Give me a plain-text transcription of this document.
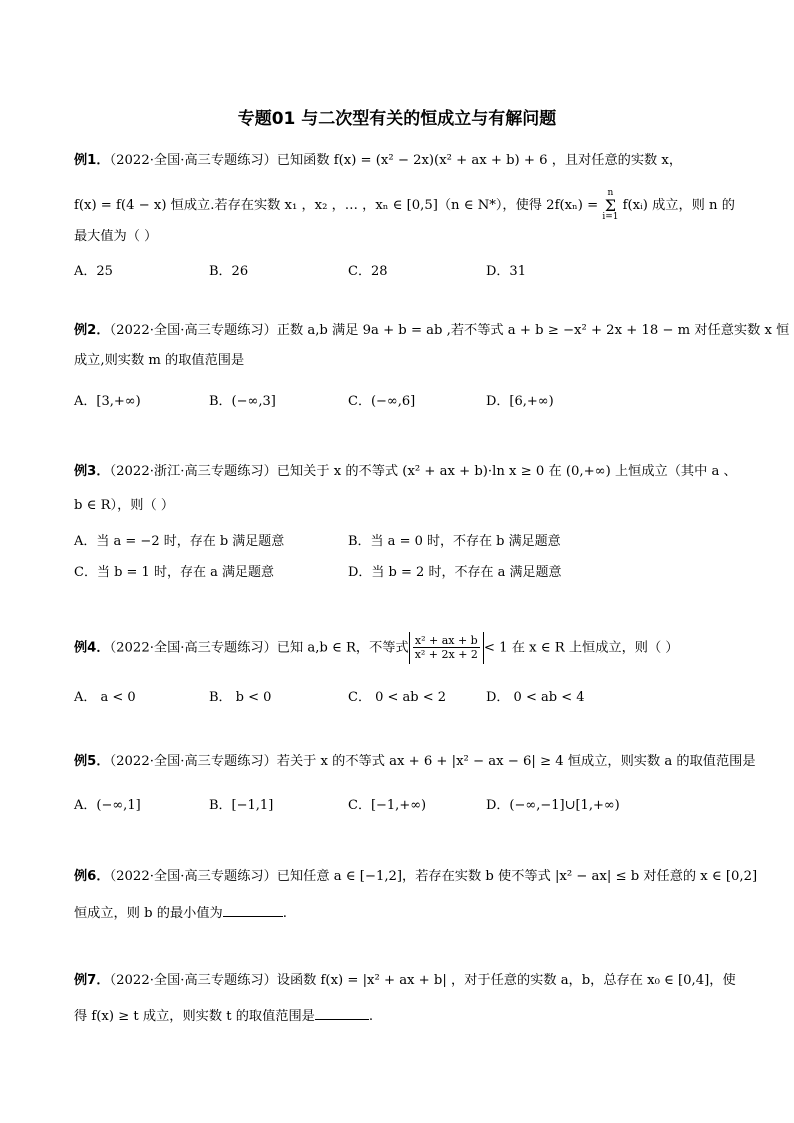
专题01 与二次型有关的恒成立与有解问题
例1．（2022·全国·高三专题练习）已知函数 f(x) = (x² − 2x)(x² + ax + b) + 6 ，且对任意的实数 x，
f(x) = f(4 − x) 恒成立.若存在实数 x₁ ，x₂ ，… ，xₙ ∈ [0,5]（n ∈ N*），使得 2f(xₙ) = n
Σ
i=1 f(xᵢ) 成立，则 n 的
最大值为（ ）
A．25	B．26	C．28	D．31
例2．（2022·全国·高三专题练习）正数 a,b 满足 9a + b = ab ,若不等式 a + b ≥ −x² + 2x + 18 − m 对任意实数 x 恒
成立,则实数 m 的取值范围是
A．[3,+∞)	B．(−∞,3]	C．(−∞,6]	D．[6,+∞)
例3．（2022·浙江·高三专题练习）已知关于 x 的不等式 (x² + ax + b)·ln x ≥ 0 在 (0,+∞) 上恒成立（其中 a 、
b ∈ R），则（ ）
A．当 a = −2 时，存在 b 满足题意	B．当 a = 0 时，不存在 b 满足题意
C．当 b = 1 时，存在 a 满足题意	D．当 b = 2 时，不存在 a 满足题意
例4．（2022·全国·高三专题练习）已知 a,b ∈ R，不等式 $\frac{\text{x² + ax + b}}{\text{x² + 2x + 2}} < 1$ 在 x ∈ R 上恒成立，则（ ）
A． a < 0	B． b < 0	C． 0 < ab < 2	D． 0 < ab < 4
例5．（2022·全国·高三专题练习）若关于 x 的不等式 ax + 6 + |x² − ax − 6| ≥ 4 恒成立，则实数 a 的取值范围是
A．(−∞,1]	B．[−1,1]	C．[−1,+∞)	D．(−∞,−1]∪[1,+∞)
例6．（2022·全国·高三专题练习）已知任意 a ∈ [−1,2]，若存在实数 b 使不等式 |x² − ax| ≤ b 对任意的 x ∈ [0,2]
恒成立，则 b 的最小值为	.
例7．（2022·全国·高三专题练习）设函数 f(x) = |x² + ax + b| ，对于任意的实数 a，b，总存在 x₀ ∈ [0,4]，使
得 f(x) ≥ t 成立，则实数 t 的取值范围是	.
